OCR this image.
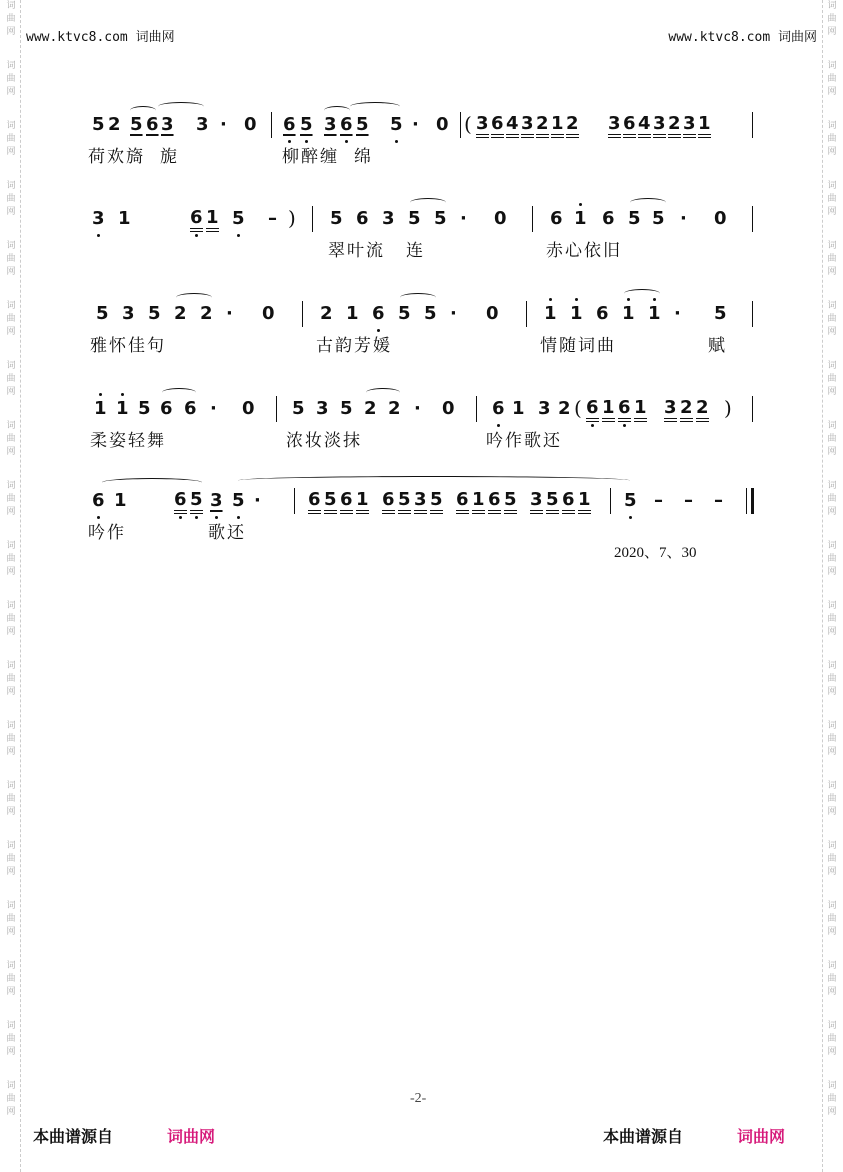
词
曲
网
词
曲
网
词
曲
网
词
曲
网
词
曲
网
词
曲
网
词
曲
网
词
曲
网
词
曲
网
词
曲
网
词
曲
网
词
曲
网
词
曲
网
词
曲
网
词
曲
网
词
曲
网
词
曲
网
词
曲
网
词
曲
网
词
曲
网
词
曲
网
词
曲
网
词
曲
网
词
曲
网
词
曲
网
词
曲
网
词
曲
网
词
曲
网
词
曲
网
词
曲
网
词
曲
网
词
曲
网
词
曲
网
词
曲
网
词
曲
网
词
曲
网
词
曲
网
词
曲
网
www.ktvc8.com 词曲网	www.ktvc8.com 词曲网
5 2 5 6 3 3 · 0 6 5 3 6 5 5 · 0 ( 3 6 4 3 2 1 2 3 6 4 3 2 3 1
荷欢旖 旎	柳醉缠 绵
3 1	6 1 5 – ) 5 6 3 5 5 · 0 6 1 6 5 5 · 0
翠叶流 连	赤心依旧
5 3 5 2 2 · 0	2 1 6 5 5 · 0	1 1 6 1 1 · 5
雅怀佳句	古韵芳媛	情随词曲	赋
1 1 5 6 6 · 0 5 3 5 2 2 · 0 6 1 3 2 ( 6 1 6 1 3 2 2 )
柔姿轻舞	浓妆淡抹	吟作歌还
6 1	6 5 3 5 ·	6 5 6 1 6 5 3 5 6 1 6 5 3 5 6 1 5 – – –
吟作	歌还
2020、7、30
-2-
本曲谱源自	词曲网	本曲谱源自	词曲网
